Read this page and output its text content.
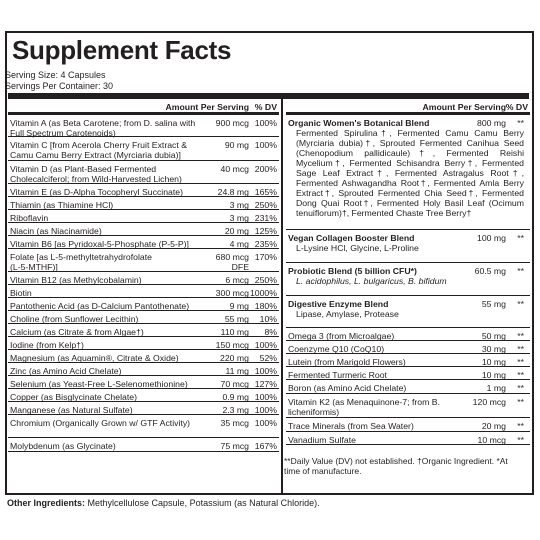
Supplement Facts
Serving Size: 4 Capsules
Servings Per Container: 30
Amount Per Serving % DV
Vitamin A (as Beta Carotene; from D. salina with Full Spectrum Carotenoids)
900 mcg 100%
Vitamin C [from Acerola Cherry Fruit Extract & Camu Camu Berry Extract (Myrciaria dubia)]
90 mg 100%
Vitamin D (as Plant-Based Fermented Cholecalciferol; from Wild-Harvested Lichen)
40 mcg 200%
Vitamin E (as D-Alpha Tocopheryl Succinate)	24.8 mg 165%
Thiamin (as Thiamine HCl)	3 mg 250%
Riboflavin	3 mg 231%
Niacin (as Niacinamide)	20 mg 125%
Vitamin B6 [as Pyridoxal-5-Phosphate (P-5-P)]	4 mg 235%
Folate [as L-5-methyltetrahydrofolate (L-5-MTHF)]
680 mcg DFE
170%
Vitamin B12 (as Methylcobalamin)	6 mcg 250%
Biotin	300 mcg 1000%
Pantothenic Acid (as D-Calcium Pantothenate)	9 mg 180%
Choline (from Sunflower Lecithin)	55 mg 10%
Calcium (as Citrate & from Algae†)	110 mg 8%
Iodine (from Kelp†)	150 mcg 100%
Magnesium (as Aquamin®, Citrate & Oxide)	220 mg 52%
Zinc (as Amino Acid Chelate)	11 mg 100%
Selenium (as Yeast-Free L-Selenomethionine)	70 mcg 127%
Copper (as Bisglycinate Chelate)	0.9 mg 100%
Manganese (as Natural Sulfate)	2.3 mg 100%
Chromium (Organically Grown w/ GTF Activity)	35 mcg 100%
Molybdenum (as Glycinate)	75 mcg 167%
Amount Per Serving % DV
Organic Women's Botanical Blend	800 mg **
Fermented Spirulina†, Fermented Camu Camu Berry (Myrciaria dubia)†, Sprouted Fermented Canihua Seed (Chenopodium pallidicaule)†, Fermented Reishi Mycelium†, Fermented Schisandra Berry†, Fermented Sage Leaf Extract†, Fermented Astragalus Root†, Fermented Ashwagandha Root†, Fermented Amla Berry Extract†, Sprouted Fermented Chia Seed†, Fermented Dong Quai Root†, Fermented Holy Basil Leaf (Ocimum tenuiflorum)†, Fermented Chaste Tree Berry†
Vegan Collagen Booster Blend	100 mg **
L-Lysine HCl, Glycine, L-Proline
Probiotic Blend (5 billion CFU*)	60.5 mg **
L. acidophilus, L. bulgaricus, B. bifidum
Digestive Enzyme Blend	55 mg **
Lipase, Amylase, Protease
Omega 3 (from Microalgae)	50 mg **
Coenzyme Q10 (CoQ10)	30 mg **
Lutein (from Marigold Flowers)	10 mg **
Fermented Turmeric Root	10 mg **
Boron (as Amino Acid Chelate)	1 mg **
Vitamin K2 (as Menaquinone-7; from B. licheniformis)
120 mcg **
Trace Minerals (from Sea Water)	20 mg **
Vanadium Sulfate	10 mcg **
**Daily Value (DV) not established. †Organic Ingredient. *At time of manufacture.
Other Ingredients: Methylcellulose Capsule, Potassium (as Natural Chloride).
